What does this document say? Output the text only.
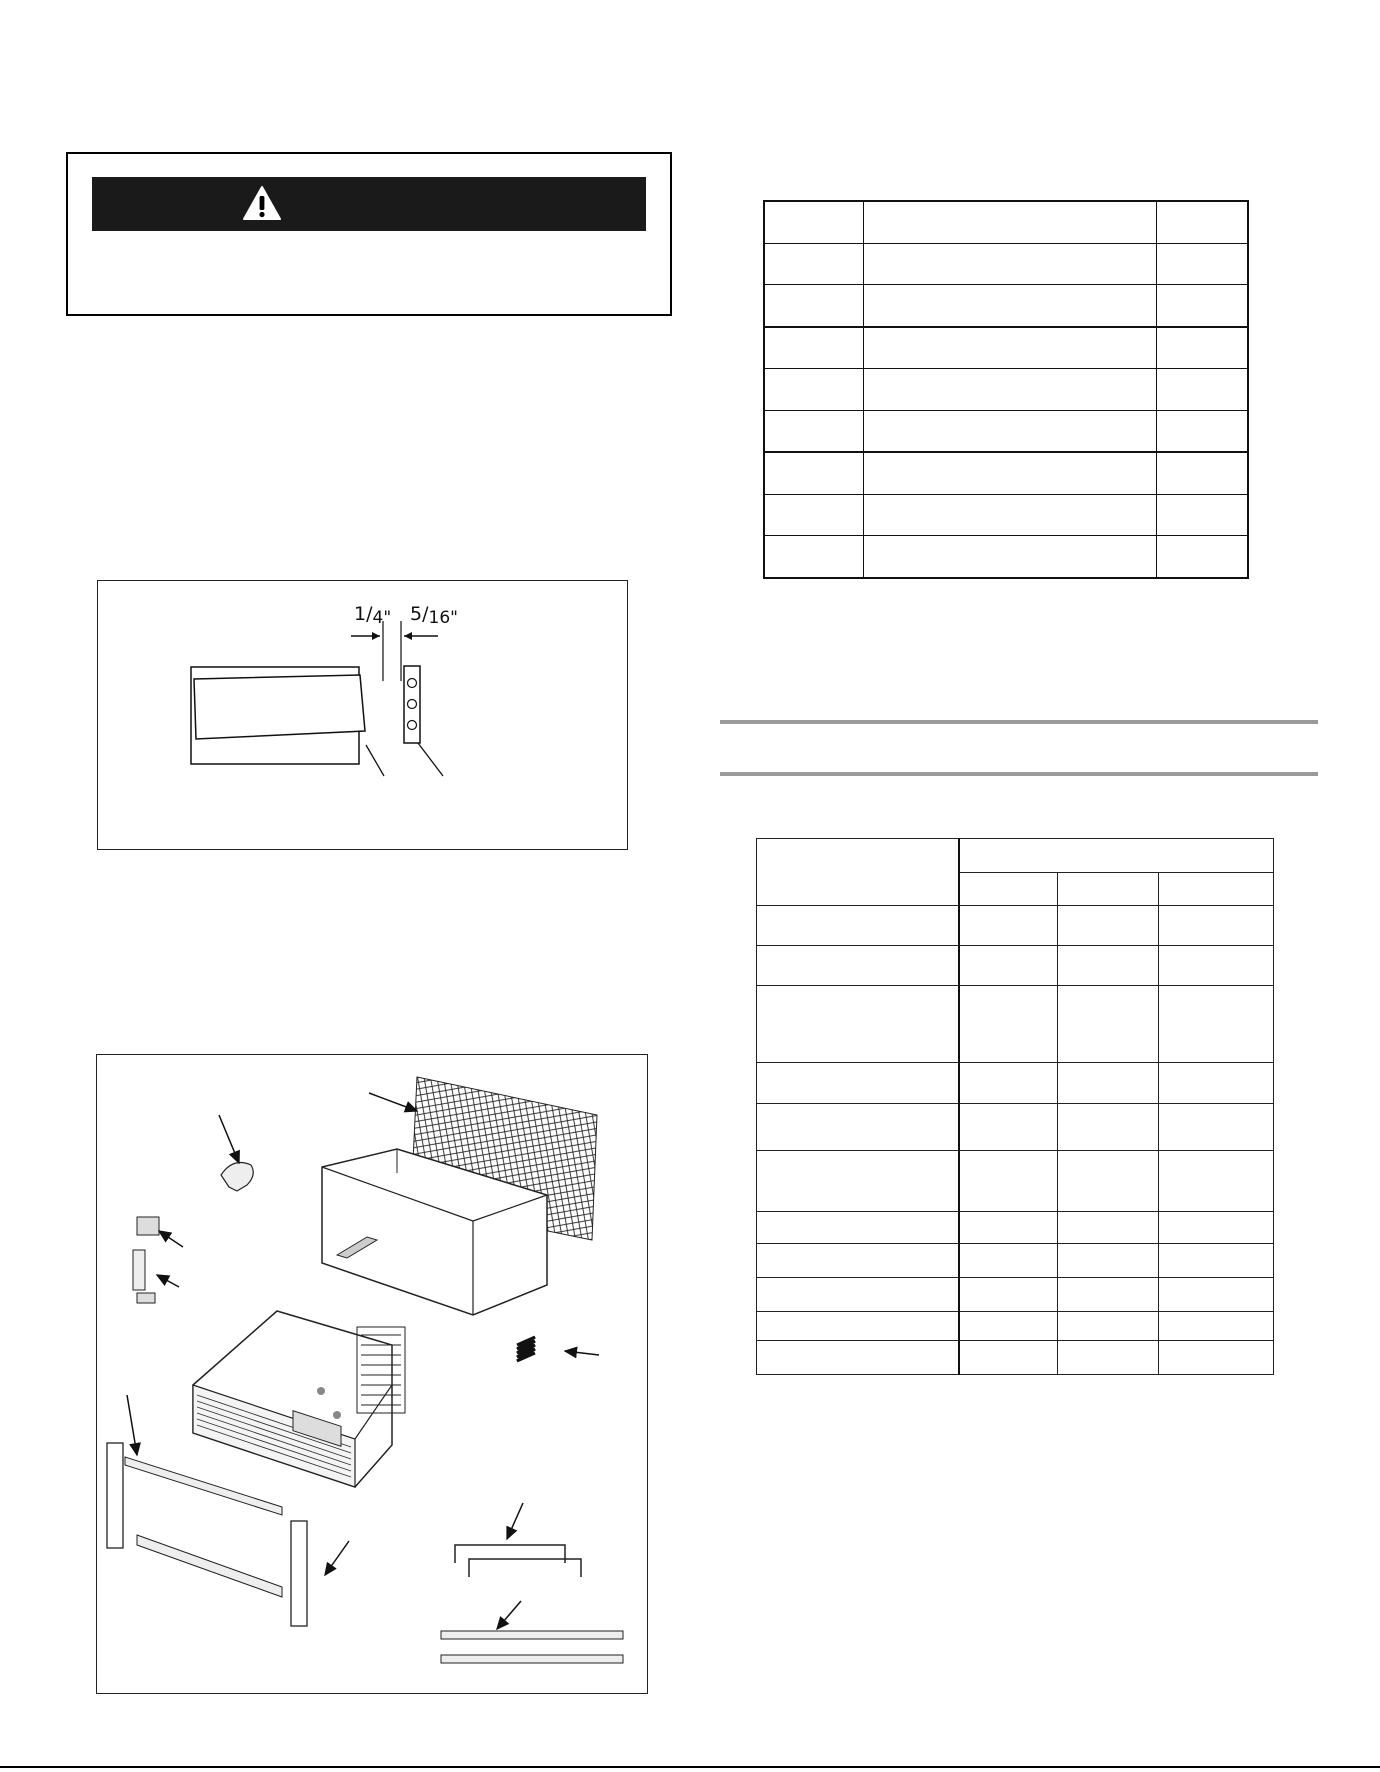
$1/_{4"}$ $5/_{16"}$
